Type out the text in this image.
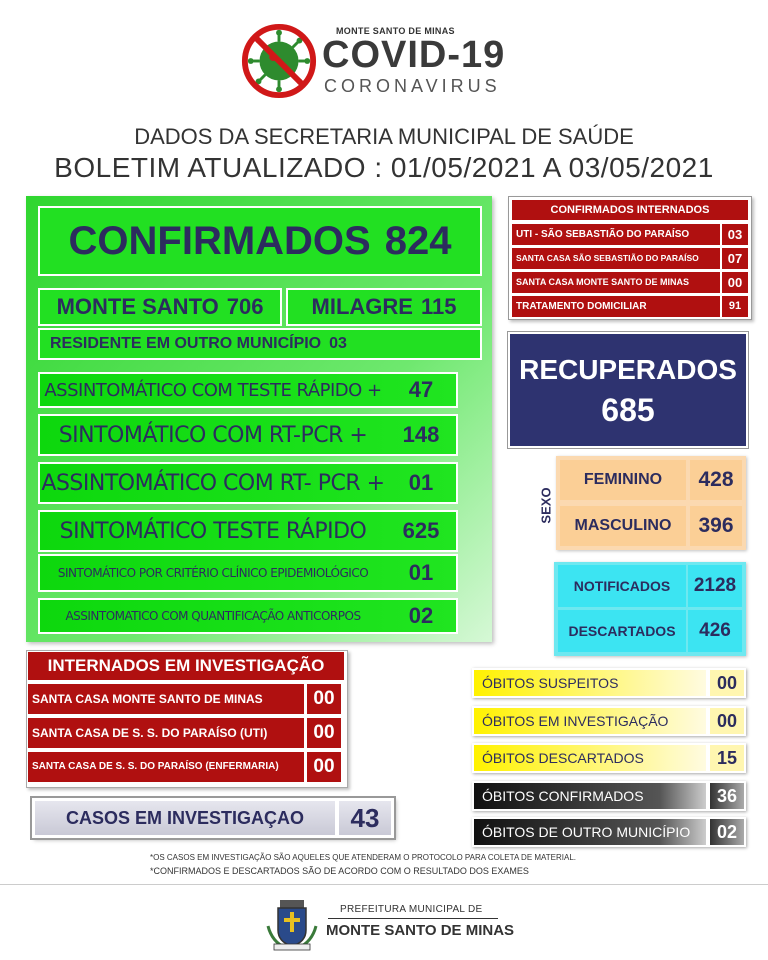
MONTE SANTO DE MINAS
COVID-19
CORONAVIRUS
DADOS DA SECRETARIA MUNICIPAL DE SAÚDE
BOLETIM ATUALIZADO : 01/05/2021 A 03/05/2021
CONFIRMADOS 824
MONTE SANTO 706 MILAGRE 115
RESIDENTE EM OUTRO MUNICÍPIO 03
ASSINTOMÁTICO COM TESTE RÁPIDO +	47
SINTOMÁTICO COM RT-PCR +	148
ASSINTOMÁTICO COM RT- PCR +	01
SINTOMÁTICO TESTE RÁPIDO	625
SINTOMÁTICO POR CRITÉRIO CLÍNICO EPIDEMIOLÓGICO	01
ASSINTOMATICO COM QUANTIFICAÇÃO ANTICORPOS	02
CONFIRMADOS INTERNADOS
UTI - SÃO SEBASTIÃO DO PARAÍSO	03
SANTA CASA SÃO SEBASTIÃO DO PARAÍSO	07
SANTA CASA MONTE SANTO DE MINAS	00
TRATAMENTO DOMICILIAR	91
RECUPERADOS
685
SEXO
FEMININO	428
MASCULINO	396
NOTIFICADOS	2128
DESCARTADOS	426
INTERNADOS EM INVESTIGAÇÃO
SANTA CASA MONTE SANTO DE MINAS	00
SANTA CASA DE S. S. DO PARAÍSO (UTI)	00
SANTA CASA DE S. S. DO PARAÍSO (ENFERMARIA)	00
CASOS EM INVESTIGAÇAO	43
ÓBITOS SUSPEITOS	00
ÓBITOS EM INVESTIGAÇÃO	00
ÓBITOS DESCARTADOS	15
ÓBITOS CONFIRMADOS	36
ÓBITOS DE OUTRO MUNICÍPIO	02
*OS CASOS EM INVESTIGAÇÃO SÃO AQUELES QUE ATENDERAM O PROTOCOLO PARA COLETA DE MATERIAL.
*CONFIRMADOS E DESCARTADOS SÃO DE ACORDO COM O RESULTADO DOS EXAMES
PREFEITURA MUNICIPAL DE
MONTE SANTO DE MINAS
